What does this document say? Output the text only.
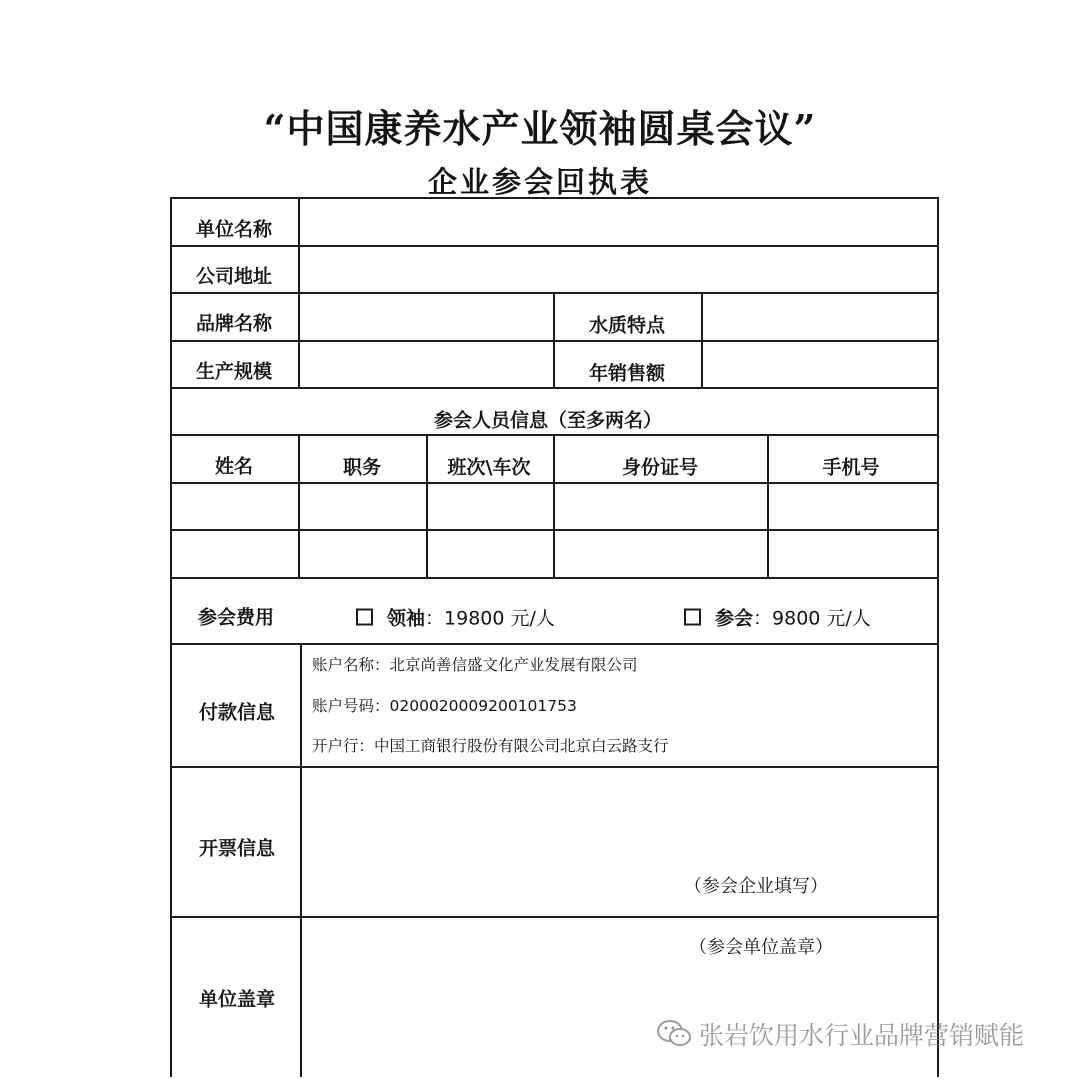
“中国康养水产业领袖圆桌会议”
企业参会回执表
单位名称
公司地址
品牌名称	水质特点
生产规模	年销售额
参会人员信息（至多两名）
姓名	职务	班次\车次	身份证号	手机号
参会费用	领袖 ：19800 元/人	参会 ：9800 元/人
付款信息
账户名称：北京尚善信盛文化产业发展有限公司
账户号码：0200020009200101753
开户行：中国工商银行股份有限公司北京白云路支行
开票信息
（参会企业填写）
单位盖章
（参会单位盖章）
张岩饮用水行业品牌营销赋能
